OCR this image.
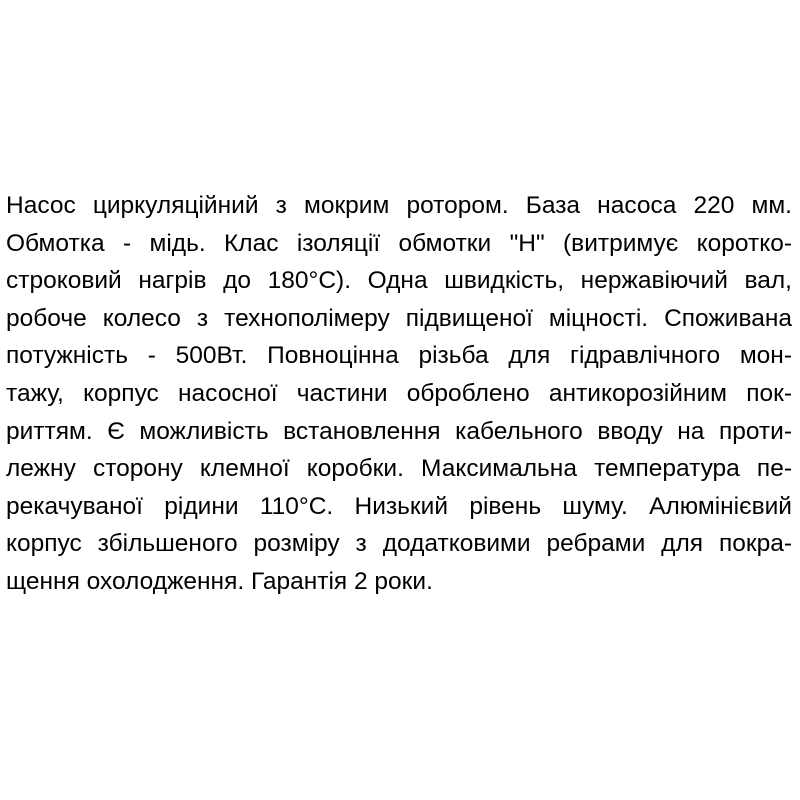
Насос циркуляційний з мокрим ротором. База насоса 220 мм.
Обмотка - мідь. Клас ізоляції обмотки "H" (витримує коротко-
строковий нагрів до 180°С). Одна швидкість, нержавіючий вал,
робоче колесо з технополімеру підвищеної міцності. Споживана
потужність - 500Вт. Повноцінна різьба для гідравлічного мон-
тажу, корпус насосної частини оброблено антикорозійним пок-
риттям. Є можливість встановлення кабельного вводу на проти-
лежну сторону клемної коробки. Максимальна температура пе-
рекачуваної рідини 110°С. Низький рівень шуму. Алюмінієвий
корпус збільшеного розміру з додатковими ребрами для покра-
щення охолодження. Гарантія 2 роки.
